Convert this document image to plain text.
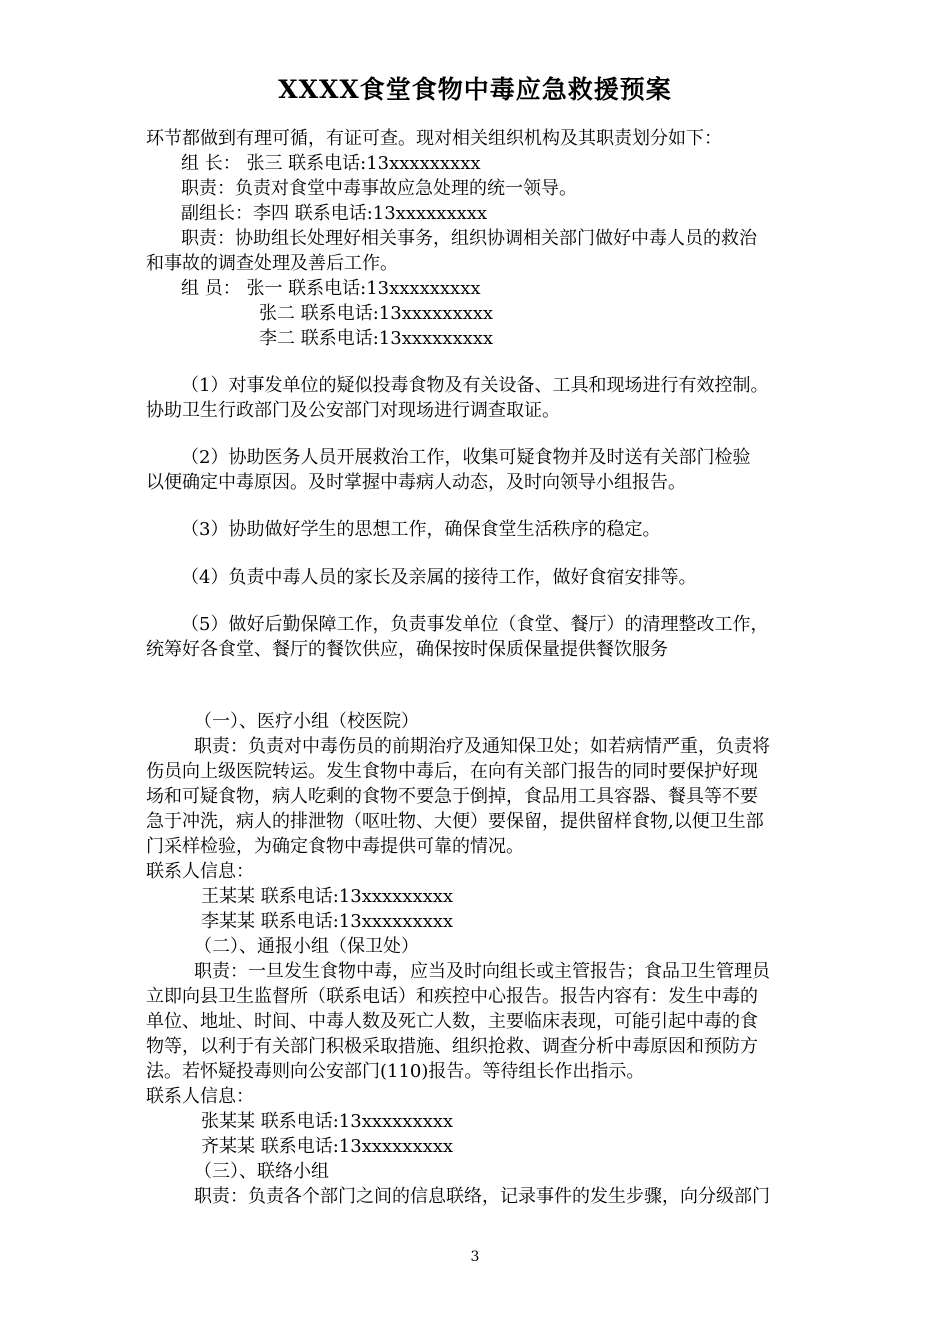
XXXX食堂食物中毒应急救援预案
环节都做到有理可循，有证可查。现对相关组织机构及其职责划分如下：
组 长： 张三 联系电话:13xxxxxxxxx
职责：负责对食堂中毒事故应急处理的统一领导。
副组长：李四 联系电话:13xxxxxxxxx
职责：协助组长处理好相关事务，组织协调相关部门做好中毒人员的救治
和事故的调查处理及善后工作。
组 员： 张一 联系电话:13xxxxxxxxx
张二 联系电话:13xxxxxxxxx
李二 联系电话:13xxxxxxxxx
（1）对事发单位的疑似投毒食物及有关设备、工具和现场进行有效控制。
协助卫生行政部门及公安部门对现场进行调查取证。
（2）协助医务人员开展救治工作，收集可疑食物并及时送有关部门检验
以便确定中毒原因。及时掌握中毒病人动态，及时向领导小组报告。
（3）协助做好学生的思想工作，确保食堂生活秩序的稳定。
（4）负责中毒人员的家长及亲属的接待工作，做好食宿安排等。
（5）做好后勤保障工作，负责事发单位（食堂、餐厅）的清理整改工作，
统筹好各食堂、餐厅的餐饮供应，确保按时保质保量提供餐饮服务
（一）、医疗小组（校医院）
职责：负责对中毒伤员的前期治疗及通知保卫处；如若病情严重，负责将
伤员向上级医院转运。发生食物中毒后，在向有关部门报告的同时要保护好现
场和可疑食物，病人吃剩的食物不要急于倒掉，食品用工具容器、餐具等不要
急于冲洗，病人的排泄物（呕吐物、大便）要保留，提供留样食物,以便卫生部
门采样检验，为确定食物中毒提供可靠的情况。
联系人信息：
王某某 联系电话:13xxxxxxxxx
李某某 联系电话:13xxxxxxxxx
（二）、通报小组（保卫处）
职责：一旦发生食物中毒，应当及时向组长或主管报告；食品卫生管理员
立即向县卫生监督所（联系电话）和疾控中心报告。报告内容有：发生中毒的
单位、地址、时间、中毒人数及死亡人数，主要临床表现，可能引起中毒的食
物等，以利于有关部门积极采取措施、组织抢救、调查分析中毒原因和预防方
法。若怀疑投毒则向公安部门(110)报告。等待组长作出指示。
联系人信息：
张某某 联系电话:13xxxxxxxxx
齐某某 联系电话:13xxxxxxxxx
（三）、联络小组
职责：负责各个部门之间的信息联络，记录事件的发生步骤，向分级部门
3
